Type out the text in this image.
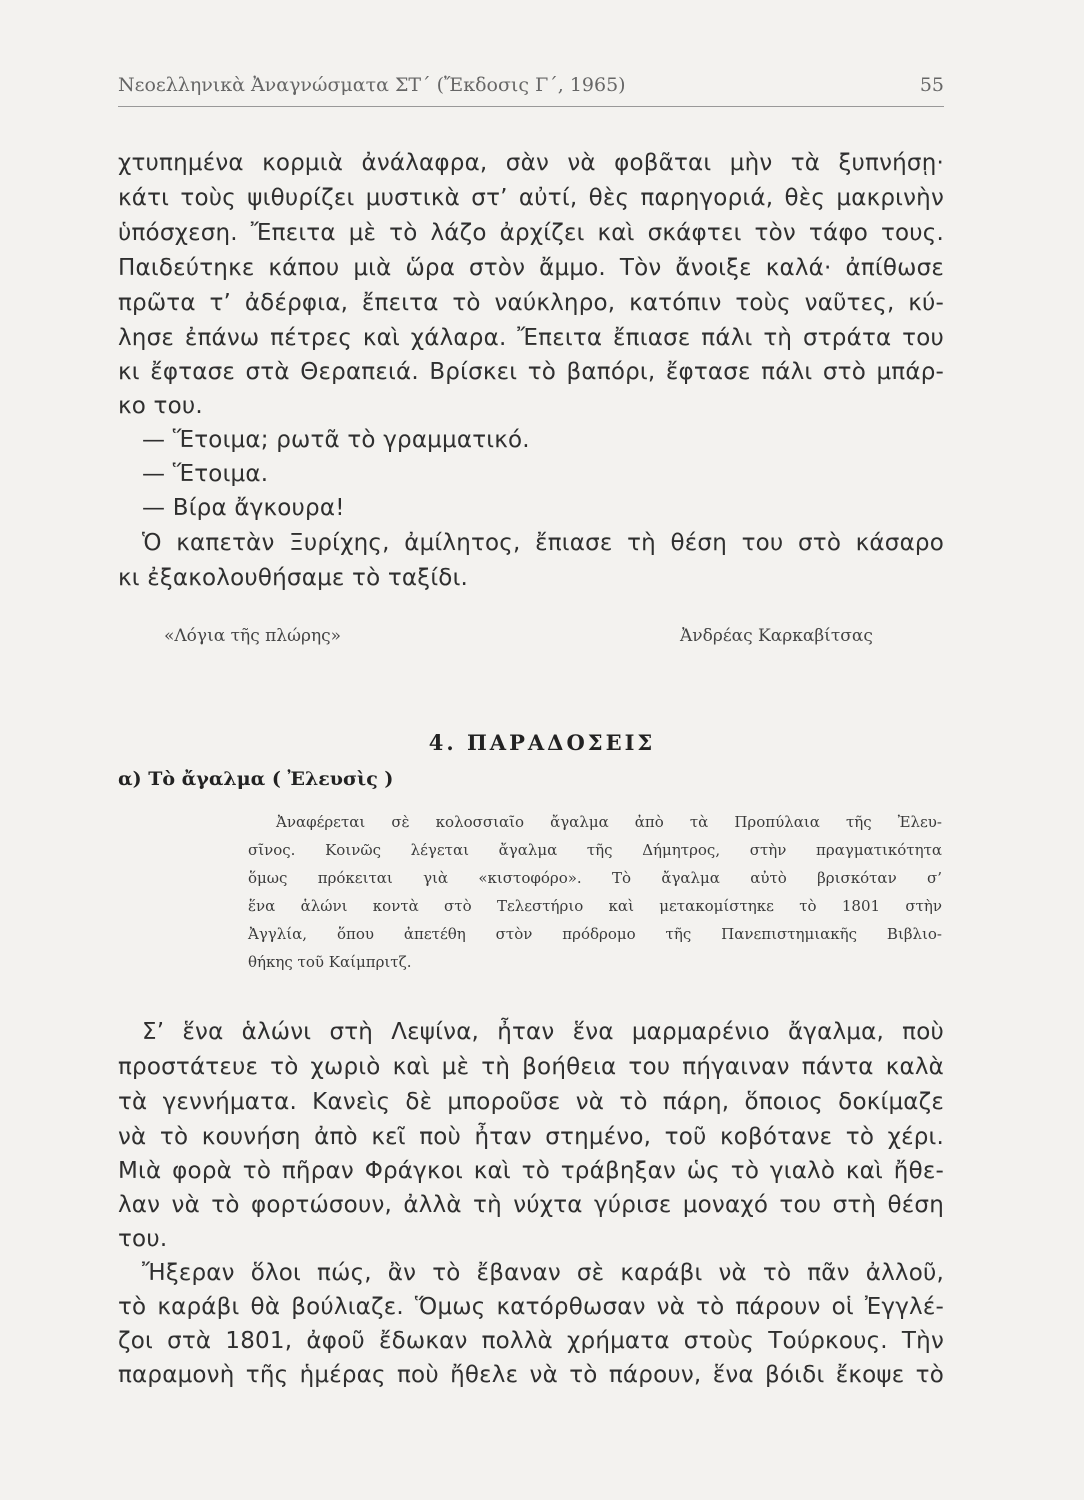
Νεοελληνικὰ Ἀναγνώσματα ΣΤ´ (Ἔκδοσις Γ´, 1965)	55
χτυπημένα κορμιὰ ἀνάλαφρα, σὰν νὰ φοβᾶται μὴν τὰ ξυπνήσῃ·
κάτι τοὺς ψιθυρίζει μυστικὰ στ’ αὐτί, θὲς παρηγοριά, θὲς μακρινὴν
ὑπόσχεση. Ἔπειτα μὲ τὸ λάζο ἀρχίζει καὶ σκάφτει τὸν τάφο τους.
Παιδεύτηκε κάπου μιὰ ὥρα στὸν ἄμμο. Τὸν ἄνοιξε καλά· ἀπίθωσε
πρῶτα τ’ ἀδέρφια, ἔπειτα τὸ ναύκληρο, κατόπιν τοὺς ναῦτες, κύ-
λησε ἐπάνω πέτρες καὶ χάλαρα. Ἔπειτα ἔπιασε πάλι τὴ στράτα του
κι ἔφτασε στὰ Θεραπειά. Βρίσκει τὸ βαπόρι, ἔφτασε πάλι στὸ μπάρ-
κο του.
— Ἕτοιμα; ρωτᾶ τὸ γραμματικό.
— Ἕτοιμα.
— Βίρα ἄγκουρα!
Ὁ καπετὰν Ξυρίχης, ἀμίλητος, ἔπιασε τὴ θέση του στὸ κάσαρο
κι ἐξακολουθήσαμε τὸ ταξίδι.
«Λόγια τῆς πλώρης»	Ἀνδρέας Καρκαβίτσας
4. ΠΑΡΑΔΟΣΕΙΣ
α) Τὸ ἄγαλμα ( Ἐλευσὶς )
Ἀναφέρεται σὲ κολοσσιαῖο ἄγαλμα ἀπὸ τὰ Προπύλαια τῆς Ἐλευ-
σῖνος. Κοινῶς λέγεται ἄγαλμα τῆς Δήμητρος, στὴν πραγματικότητα
ὅμως πρόκειται γιὰ «κιστοφόρο». Τὸ ἄγαλμα αὐτὸ βρισκόταν σ’
ἕνα ἁλώνι κοντὰ στὸ Τελεστήριο καὶ μετακομίστηκε τὸ 1801 στὴν
Ἀγγλία, ὅπου ἀπετέθη στὸν πρόδρομο τῆς Πανεπιστημιακῆς Βιβλιο-
θήκης τοῦ Καίμπριτζ.
Σ’ ἕνα ἁλώνι στὴ Λεψίνα, ἦταν ἕνα μαρμαρένιο ἄγαλμα, ποὺ
προστάτευε τὸ χωριὸ καὶ μὲ τὴ βοήθεια του πήγαιναν πάντα καλὰ
τὰ γεννήματα. Κανεὶς δὲ μποροῦσε νὰ τὸ πάρη, ὅποιος δοκίμαζε
νὰ τὸ κουνήση ἀπὸ κεῖ ποὺ ἦταν στημένο, τοῦ κοβότανε τὸ χέρι.
Μιὰ φορὰ τὸ πῆραν Φράγκοι καὶ τὸ τράβηξαν ὡς τὸ γιαλὸ καὶ ἤθε-
λαν νὰ τὸ φορτώσουν, ἀλλὰ τὴ νύχτα γύρισε μοναχό του στὴ θέση
του.
Ἤξεραν ὅλοι πώς, ἂν τὸ ἔβαναν σὲ καράβι νὰ τὸ πᾶν ἀλλοῦ,
τὸ καράβι θὰ βούλιαζε. Ὅμως κατόρθωσαν νὰ τὸ πάρουν οἱ Ἐγγλέ-
ζοι στὰ 1801, ἀφοῦ ἔδωκαν πολλὰ χρήματα στοὺς Τούρκους. Τὴν
παραμονὴ τῆς ἡμέρας ποὺ ἤθελε νὰ τὸ πάρουν, ἕνα βόιδι ἔκοψε τὸ
